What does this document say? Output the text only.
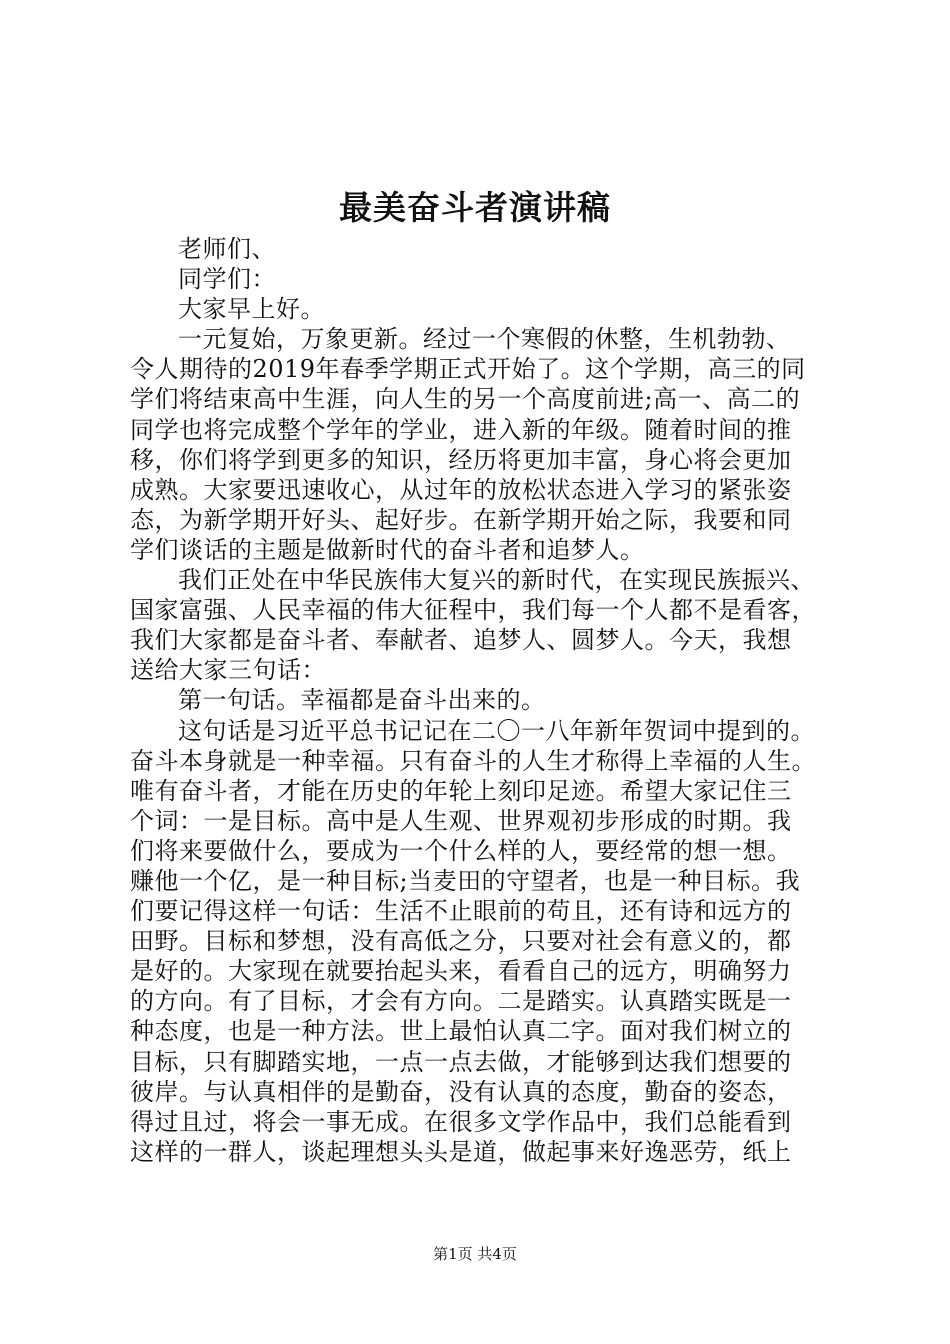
最美奋斗者演讲稿
老师们、
同学们：
大家早上好。
一元复始，万象更新。经过一个寒假的休整，生机勃勃、
令人期待的2019年春季学期正式开始了。这个学期，高三的同
学们将结束高中生涯，向人生的另一个高度前进;高一、高二的
同学也将完成整个学年的学业，进入新的年级。随着时间的推
移，你们将学到更多的知识，经历将更加丰富，身心将会更加
成熟。大家要迅速收心，从过年的放松状态进入学习的紧张姿
态，为新学期开好头、起好步。在新学期开始之际，我要和同
学们谈话的主题是做新时代的奋斗者和追梦人。
我们正处在中华民族伟大复兴的新时代，在实现民族振兴、
国家富强、人民幸福的伟大征程中，我们每一个人都不是看客，
我们大家都是奋斗者、奉献者、追梦人、圆梦人。今天，我想
送给大家三句话：
第一句话。幸福都是奋斗出来的。
这句话是习近平总书记记在二〇一八年新年贺词中提到的。
奋斗本身就是一种幸福。只有奋斗的人生才称得上幸福的人生。
唯有奋斗者，才能在历史的年轮上刻印足迹。希望大家记住三
个词：一是目标。高中是人生观、世界观初步形成的时期。我
们将来要做什么，要成为一个什么样的人，要经常的想一想。
赚他一个亿，是一种目标;当麦田的守望者，也是一种目标。我
们要记得这样一句话：生活不止眼前的苟且，还有诗和远方的
田野。目标和梦想，没有高低之分，只要对社会有意义的，都
是好的。大家现在就要抬起头来，看看自己的远方，明确努力
的方向。有了目标，才会有方向。二是踏实。认真踏实既是一
种态度，也是一种方法。世上最怕认真二字。面对我们树立的
目标，只有脚踏实地，一点一点去做，才能够到达我们想要的
彼岸。与认真相伴的是勤奋，没有认真的态度，勤奋的姿态，
得过且过，将会一事无成。在很多文学作品中，我们总能看到
这样的一群人，谈起理想头头是道，做起事来好逸恶劳，纸上
第1页 共4页
